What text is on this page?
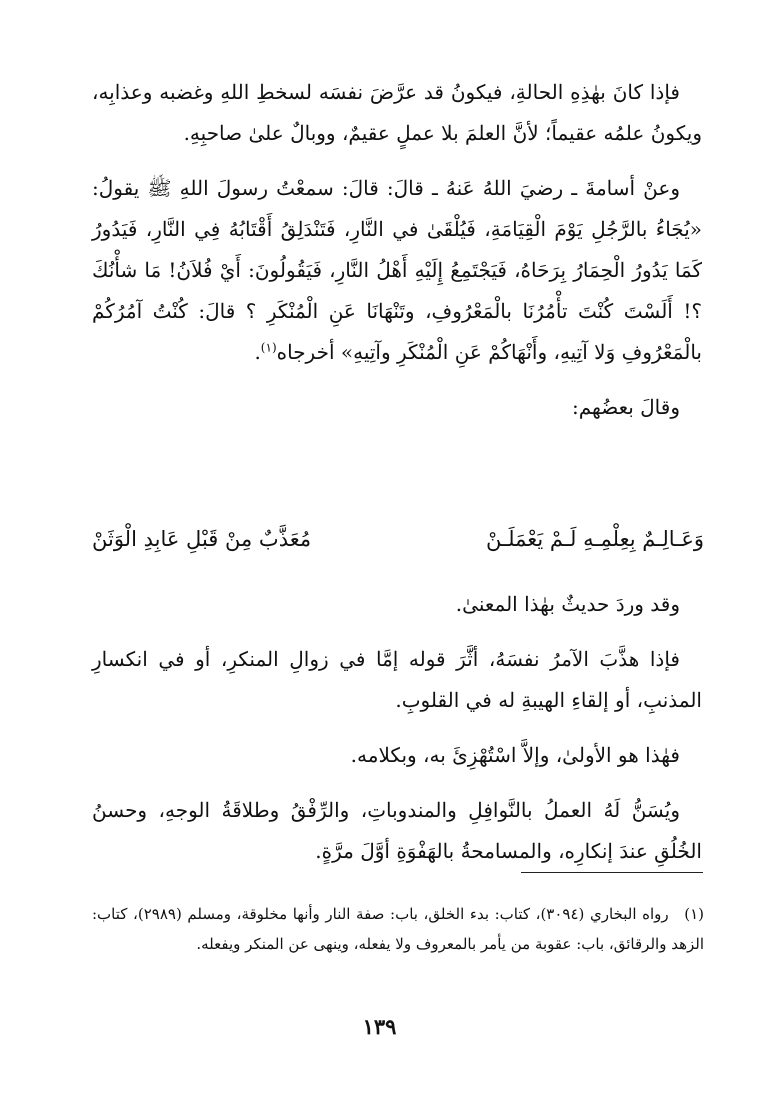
فإذا كانَ بهٰذِهِ الحالةِ، فيكونُ قد عرَّضَ نفسَه لسخطِ اللهِ وغضبه وعذابِه، ويكونُ علمُه عقيماً؛ لأنَّ العلمَ بلا عملٍ عقيمٌ، ووبالٌ علىٰ صاحبِهِ.

وعنْ أسامةَ ـ رضيَ اللهُ عَنهُ ـ قالَ: قالَ: سمعْتُ رسولَ اللهِ ﷺ يقولُ: «يُجَاءُ بالرَّجُلِ يَوْمَ الْقِيَامَةِ، فَيُلْقَىٰ في النَّارِ، فَتَنْدَلِقُ أَقْتَابُهُ فِي النَّارِ، فَيَدُورُ كَمَا يَدُورُ الْحِمَارُ بِرَحَاهُ، فَيَجْتَمِعُ إِلَيْهِ أَهْلُ النَّارِ، فَيَقُولُونَ: أَيْ فُلاَنُ! مَا شأْنُكَ ؟! أَلَسْتَ كُنْتَ تأْمُرُنَا بالْمَعْرُوفِ، وتَنْهَانَا عَنِ الْمُنْكَرِ ؟ قالَ: كُنْتُ آمُرُكُمْ بالْمَعْرُوفِ وَلا آتِيهِ، وأَنْهَاكُمْ عَنِ الْمُنْكَرِ وآتِيهِ» أخرجاه$^{(١)}$.

وقالَ بعضُهم:

وَعَـالِـمٌ بِعِلْمِـهِ لَـمْ يَعْمَلَـنْ
مُعَذَّبٌ مِنْ قَبْلِ عَابِدِ الْوَثَنْ

وقد وردَ حديثٌ بهٰذا المعنىٰ.

فإذا هذَّبَ الآمرُ نفسَهُ، أثَّرَ قوله إمَّا في زوالِ المنكرِ، أو في انكسارِ المذنبِ، أو إلقاءِ الهيبةِ له في القلوبِ.

فهٰذا هو الأولىٰ، وإلاَّ اسْتُهْزِئَ به، وبكلامه.

ويُسَنُّ لَهُ العملُ بالنَّوافِلِ والمندوباتِ، والرِّفْقُ وطلاقَةُ الوجهِ، وحسنُ الخُلُقِ عندَ إنكارِه، والمسامحةُ بالهَفْوَةِ أوَّلَ مرَّةٍ.

(١) رواه البخاري (٣٠٩٤)، كتاب: بدء الخلق، باب: صفة النار وأنها مخلوقة، ومسلم (٢٩٨٩)، كتاب: الزهد والرقائق، باب: عقوبة من يأمر بالمعروف ولا يفعله، وينهى عن المنكر ويفعله.
١٣٩
